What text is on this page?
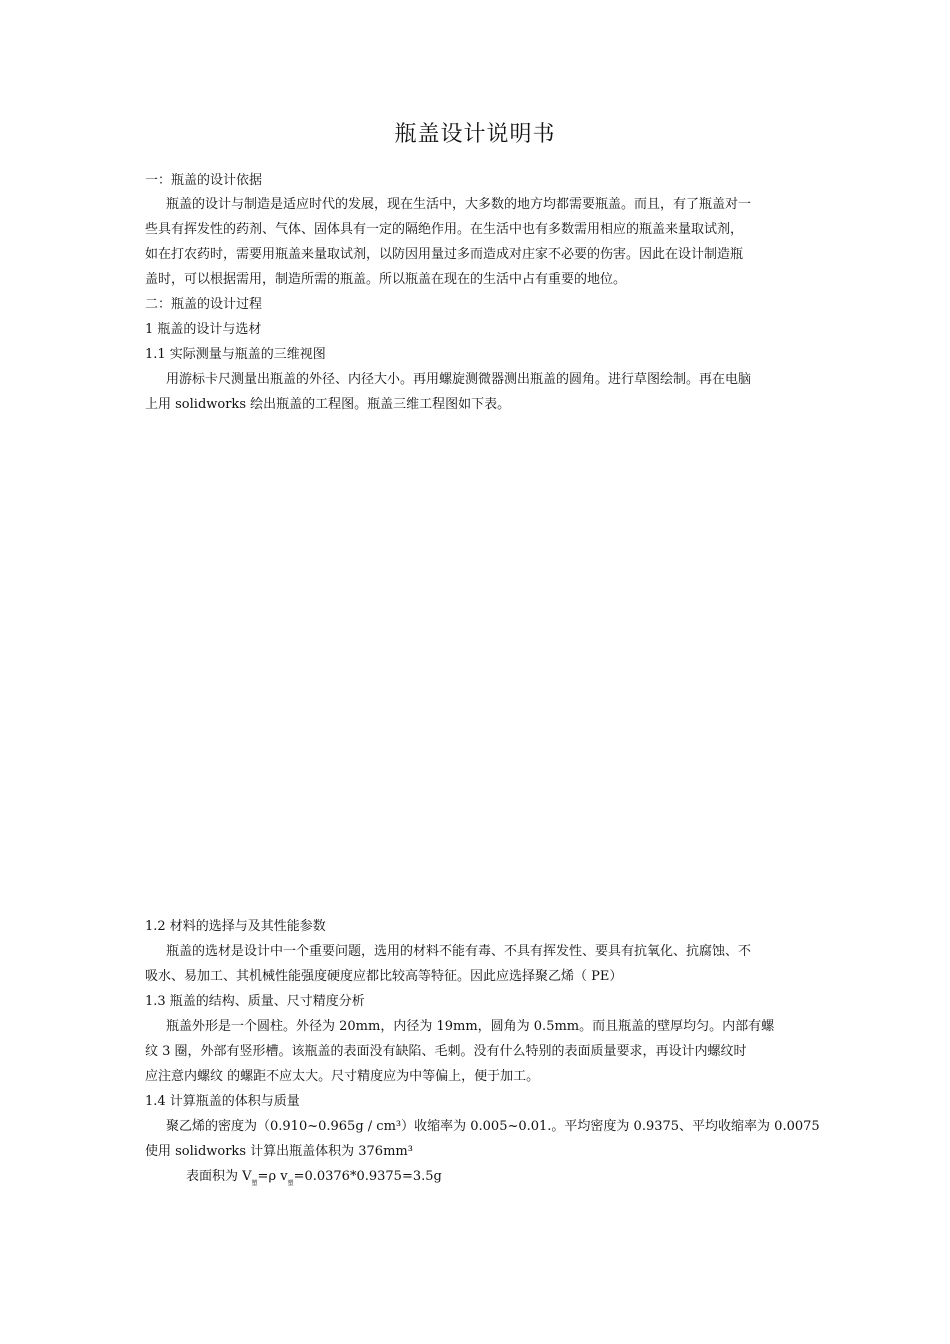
瓶盖设计说明书
一：瓶盖的设计依据
瓶盖的设计与制造是适应时代的发展，现在生活中，大多数的地方均都需要瓶盖。而且，有了瓶盖对一
些具有挥发性的药剂、气体、固体具有一定的隔绝作用。在生活中也有多数需用相应的瓶盖来量取试剂，
如在打农药时，需要用瓶盖来量取试剂，以防因用量过多而造成对庄家不必要的伤害。因此在设计制造瓶
盖时，可以根据需用，制造所需的瓶盖。所以瓶盖在现在的生活中占有重要的地位。
二：瓶盖的设计过程
1 瓶盖的设计与选材
1.1 实际测量与瓶盖的三维视图
用游标卡尺测量出瓶盖的外径、内径大小。再用螺旋测微器测出瓶盖的圆角。进行草图绘制。再在电脑
上用 solidworks 绘出瓶盖的工程图。瓶盖三维工程图如下表。
1.2 材料的选择与及其性能参数
瓶盖的选材是设计中一个重要问题，选用的材料不能有毒、不具有挥发性、要具有抗氧化、抗腐蚀、不
吸水、易加工、其机械性能强度硬度应都比较高等特征。因此应选择聚乙烯（ PE）
1.3 瓶盖的结构、质量、尺寸精度分析
瓶盖外形是一个圆柱。外径为 20mm，内径为 19mm，圆角为 0.5mm。而且瓶盖的壁厚均匀。内部有螺
纹 3 圈，外部有竖形槽。该瓶盖的表面没有缺陷、毛刺。没有什么特别的表面质量要求，再设计内螺纹时
应注意内螺纹 的螺距不应太大。尺寸精度应为中等偏上，便于加工。
1.4 计算瓶盖的体积与质量
聚乙烯的密度为（0.910~0.965g / cm³）收缩率为 0.005~0.01.。平均密度为 0.9375、平均收缩率为 0.0075
使用 solidworks 计算出瓶盖体积为 376mm³
表面积为 $V_塑=\rho$ $v_塑=0.0376*0.9375=3.5g$
